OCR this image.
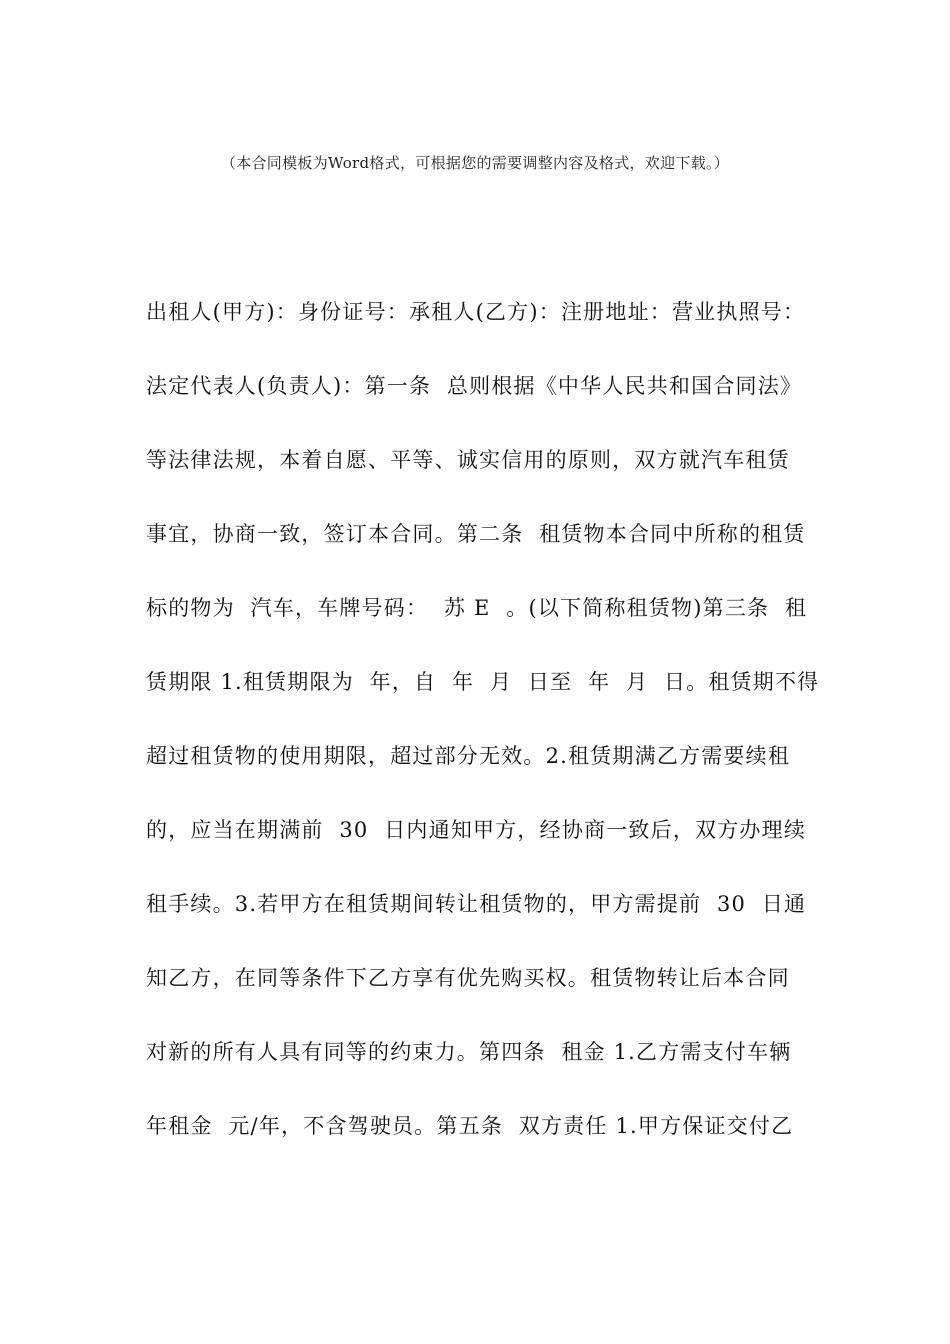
（本合同模板为Word格式，可根据您的需要调整内容及格式，欢迎下载。）
出租人(甲方)：身份证号：承租人(乙方)：注册地址：营业执照号：
法定代表人(负责人)：第一条  总则根据《中华人民共和国合同法》
等法律法规，本着自愿、平等、诚实信用的原则，双方就汽车租赁
事宜，协商一致，签订本合同。第二条  租赁物本合同中所称的租赁
标的物为  汽车，车牌号码：  苏 E  。(以下简称租赁物)第三条  租
赁期限 1.租赁期限为  年，自  年  月  日至  年  月  日。租赁期不得
超过租赁物的使用期限，超过部分无效。2.租赁期满乙方需要续租
的，应当在期满前  30  日内通知甲方，经协商一致后，双方办理续
租手续。3.若甲方在租赁期间转让租赁物的，甲方需提前  30  日通
知乙方，在同等条件下乙方享有优先购买权。租赁物转让后本合同
对新的所有人具有同等的约束力。第四条  租金 1.乙方需支付车辆
年租金  元/年，不含驾驶员。第五条  双方责任 1.甲方保证交付乙
